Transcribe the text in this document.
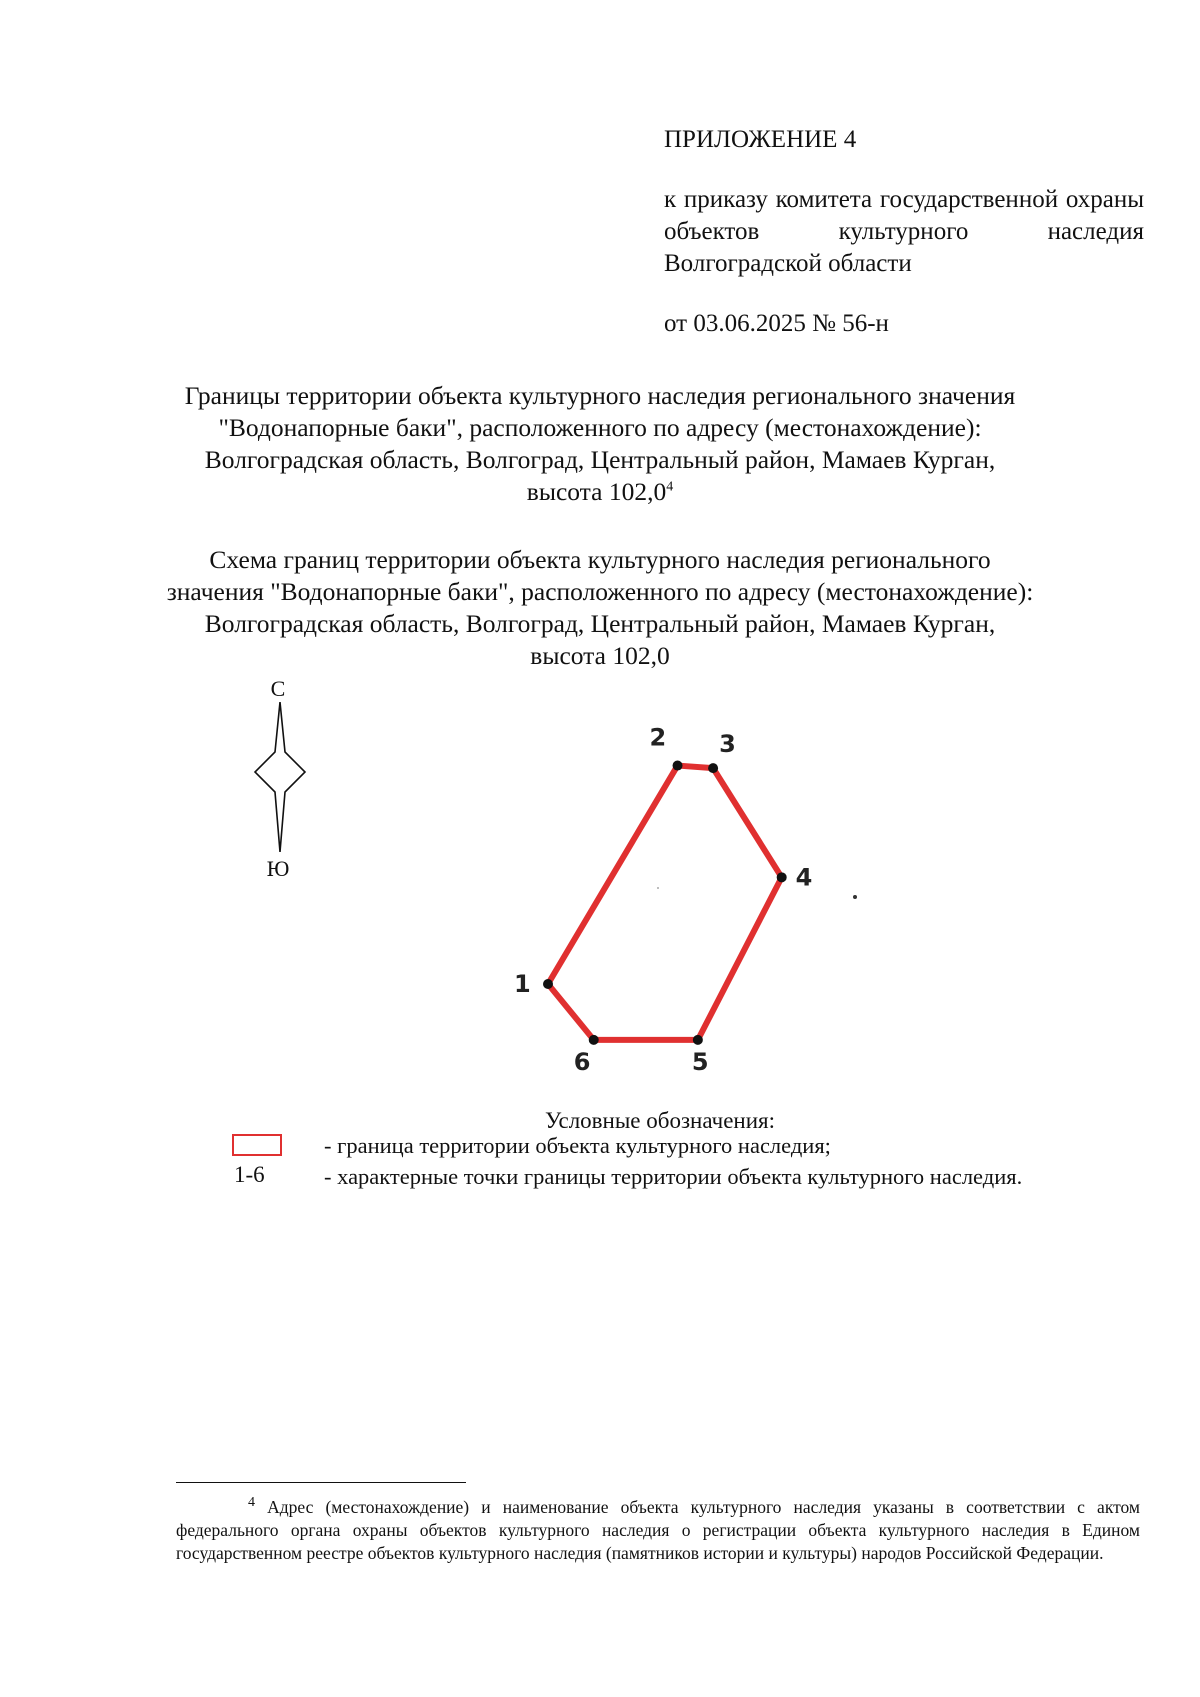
ПРИЛОЖЕНИЕ 4

к приказу комитета государственной охраны объектов культурного наследия Волгоградской области

от 03.06.2025 № 56-н

Границы территории объекта культурного наследия регионального значения

"Водонапорные баки", расположенного по адресу (местонахождение):

Волгоградская область, Волгоград, Центральный район, Мамаев Курган,

высота 102,0$^4$

Схема границ территории объекта культурного наследия регионального

значения "Водонапорные баки", расположенного по адресу (местонахождение):

Волгоградская область, Волгоград, Центральный район, Мамаев Курган,

высота 102,0

С
Ю
1
2 3
4
5
6
Условные обозначения:
- граница территории объекта культурного наследия;
1-6	- характерные точки границы территории объекта культурного наследия.
$^4$ Адрес (местонахождение) и наименование объекта культурного наследия указаны в соответствии с актом федерального органа охраны объектов культурного наследия о регистрации объекта культурного наследия в Едином государственном реестре объектов культурного наследия (памятников истории и культуры) народов Российской Федерации.
